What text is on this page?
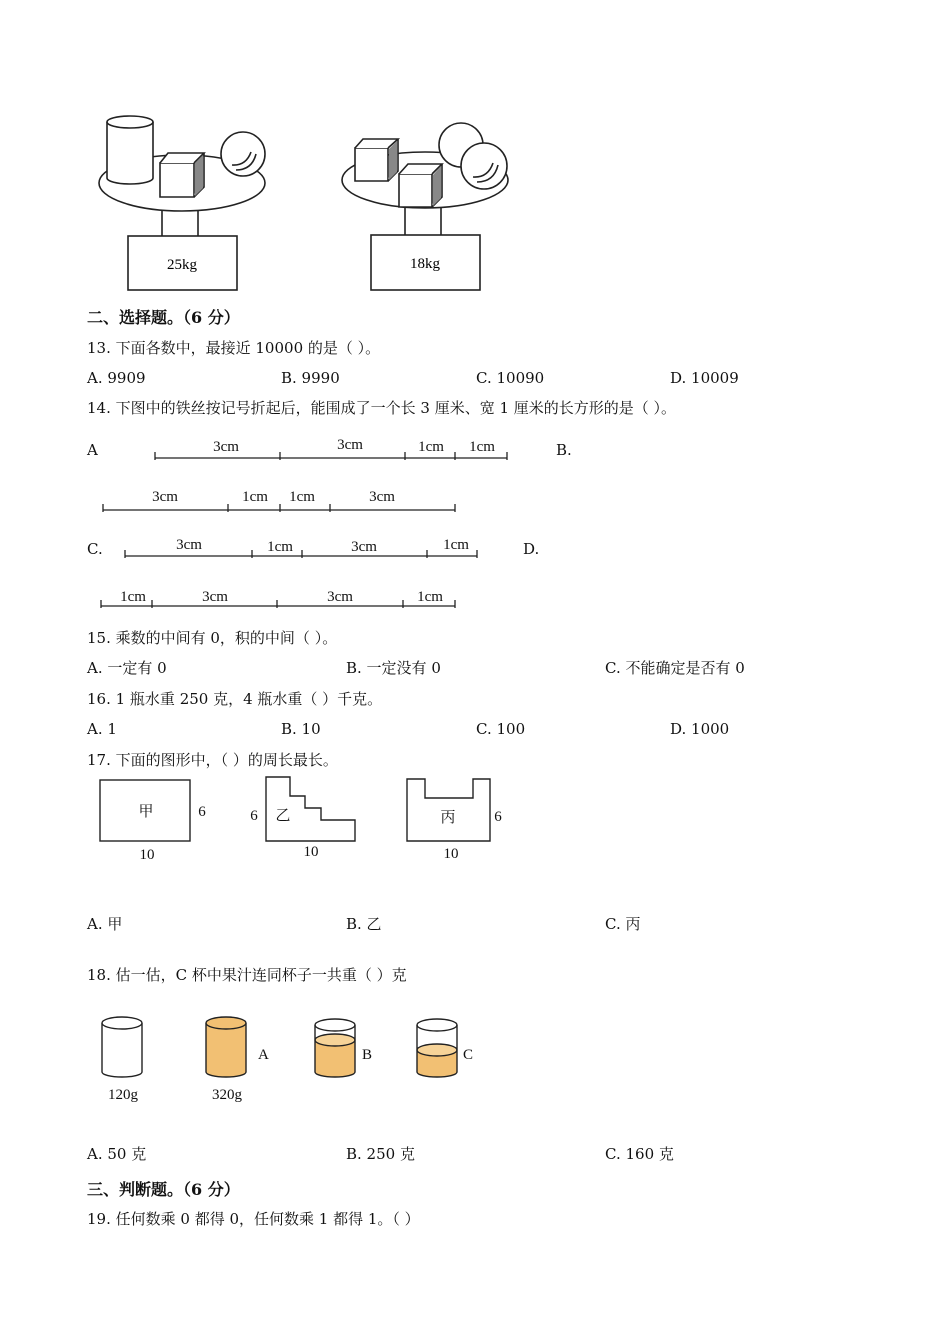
25kg	18kg
二、选择题。（6 分）
13. 下面各数中，最接近 10000 的是（ ）。
A. 9909	B. 9990	C. 10090	D. 10009
14. 下图中的铁丝按记号折起后，能围成了一个长 3 厘米、宽 1 厘米的长方形的是（ ）。
A	B.
C.	D.
3cm	3cm	1cm 1cm
3cm	1cm 1cm	3cm
3cm	1cm	3cm	1cm
1cm	3cm	3cm	1cm
15. 乘数的中间有 0，积的中间（ ）。
A. 一定有 0	B. 一定没有 0	C. 不能确定是否有 0
16. 1 瓶水重 250 克，4 瓶水重（ ）千克。
A. 1	B. 10	C. 100	D. 1000
17. 下面的图形中，（ ）的周长最长。
甲	6
10
乙
6
10
丙	6
10
A. 甲	B. 乙	C. 丙
18. 估一估，C 杯中果汁连同杯子一共重（ ）克
A	B	C
120g	320g
A. 50 克	B. 250 克	C. 160 克
三、判断题。（6 分）
19. 任何数乘 0 都得 0，任何数乘 1 都得 1。（ ）
